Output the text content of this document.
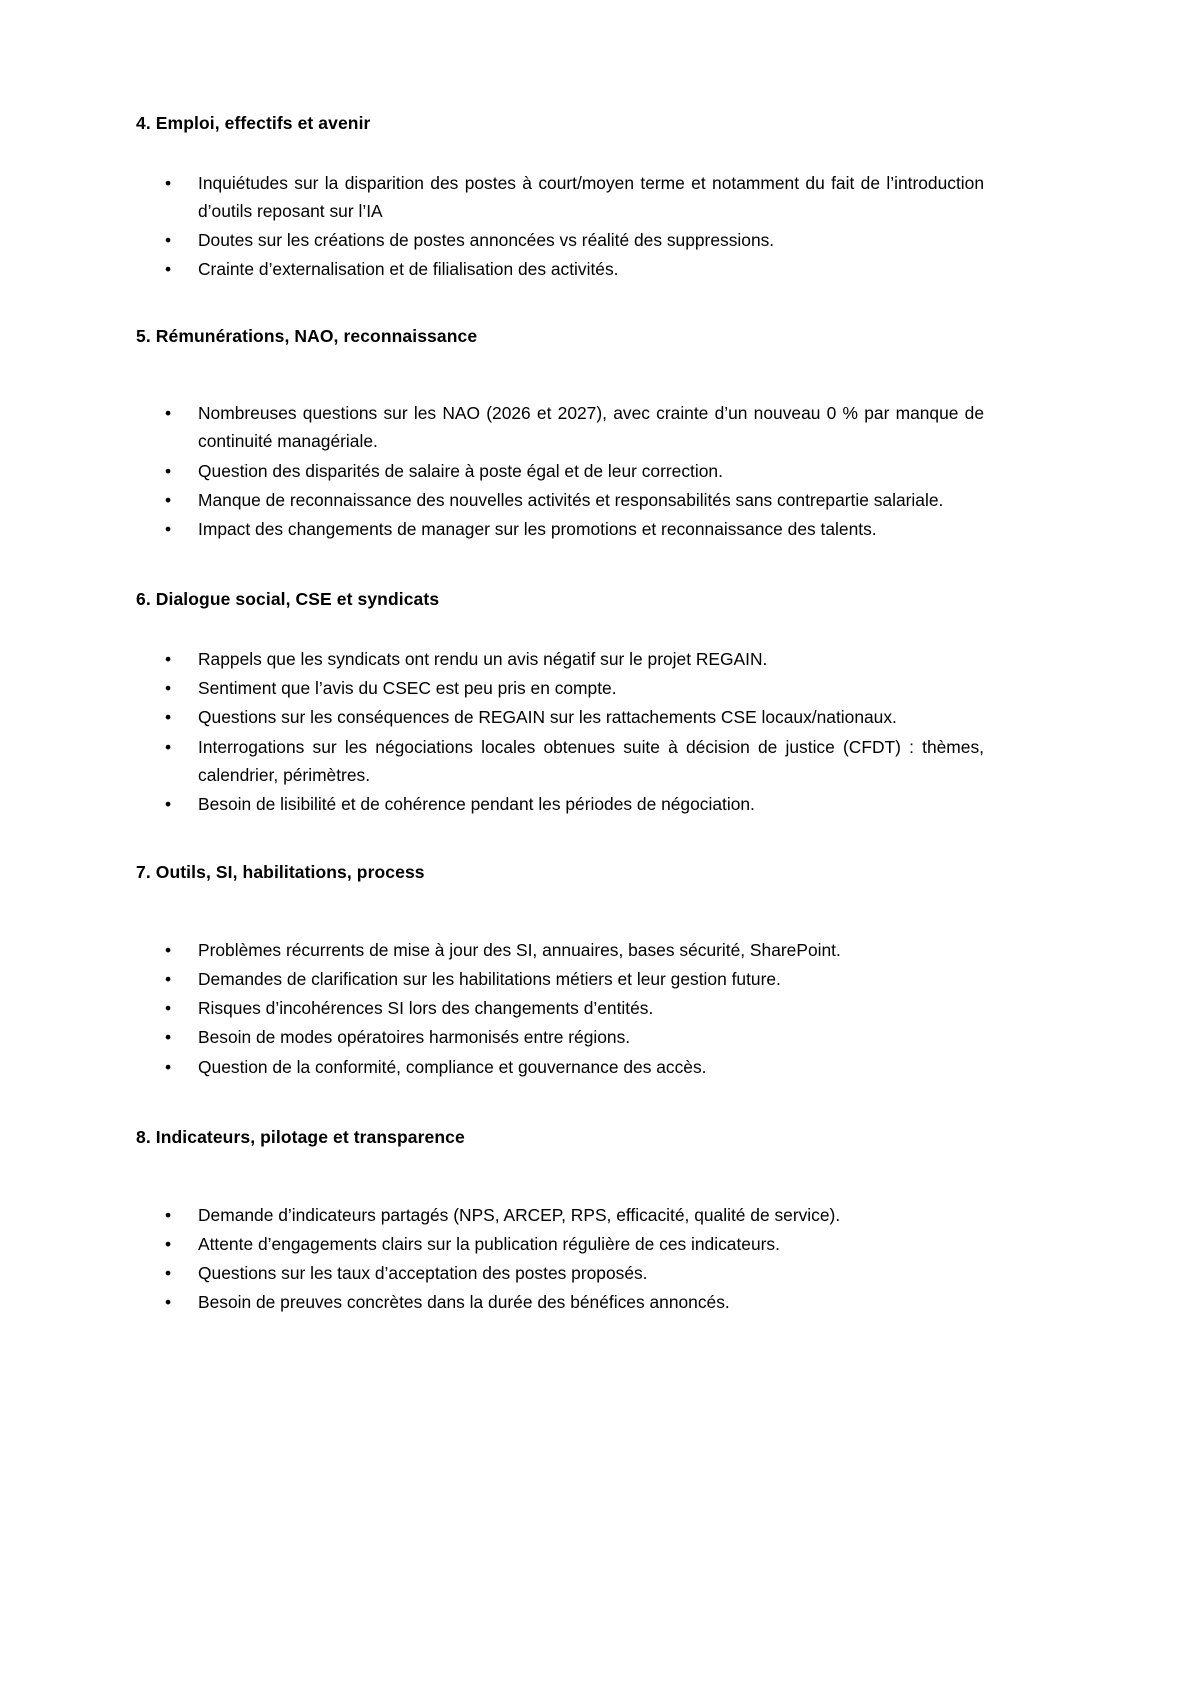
4. Emploi, effectifs et avenir

• Inquiétudes sur la disparition des postes à court/moyen terme et notamment du fait de l’introduction d’outils reposant sur l’IA
• Doutes sur les créations de postes annoncées vs réalité des suppressions.
• Crainte d’externalisation et de filialisation des activités.

5. Rémunérations, NAO, reconnaissance

• Nombreuses questions sur les NAO (2026 et 2027), avec crainte d’un nouveau 0 % par manque de continuité managériale.
• Question des disparités de salaire à poste égal et de leur correction.
• Manque de reconnaissance des nouvelles activités et responsabilités sans contrepartie salariale.
• Impact des changements de manager sur les promotions et reconnaissance des talents.

6. Dialogue social, CSE et syndicats

• Rappels que les syndicats ont rendu un avis négatif sur le projet REGAIN.
• Sentiment que l’avis du CSEC est peu pris en compte.
• Questions sur les conséquences de REGAIN sur les rattachements CSE locaux/nationaux.
• Interrogations sur les négociations locales obtenues suite à décision de justice (CFDT) : thèmes, calendrier, périmètres.
• Besoin de lisibilité et de cohérence pendant les périodes de négociation.

7. Outils, SI, habilitations, process

• Problèmes récurrents de mise à jour des SI, annuaires, bases sécurité, SharePoint.
• Demandes de clarification sur les habilitations métiers et leur gestion future.
• Risques d’incohérences SI lors des changements d’entités.
• Besoin de modes opératoires harmonisés entre régions.
• Question de la conformité, compliance et gouvernance des accès.

8. Indicateurs, pilotage et transparence

• Demande d’indicateurs partagés (NPS, ARCEP, RPS, efficacité, qualité de service).
• Attente d’engagements clairs sur la publication régulière de ces indicateurs.
• Questions sur les taux d’acceptation des postes proposés.
• Besoin de preuves concrètes dans la durée des bénéfices annoncés.
